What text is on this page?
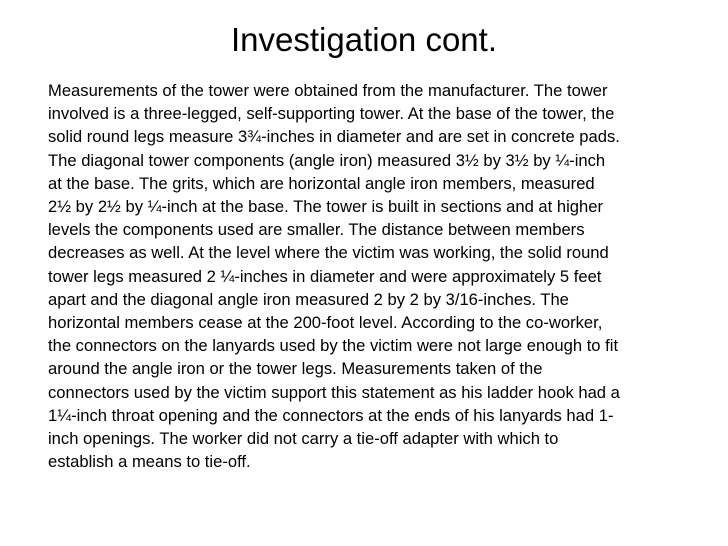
Investigation cont.
Measurements of the tower were obtained from the manufacturer. The tower
involved is a three-legged, self-supporting tower. At the base of the tower, the
solid round legs measure 3¾-inches in diameter and are set in concrete pads.
The diagonal tower components (angle iron) measured 3½ by 3½ by ¼-inch
at the base. The grits, which are horizontal angle iron members, measured
2½ by 2½ by ¼-inch at the base. The tower is built in sections and at higher
levels the components used are smaller. The distance between members
decreases as well. At the level where the victim was working, the solid round
tower legs measured 2 ¼-inches in diameter and were approximately 5 feet
apart and the diagonal angle iron measured 2 by 2 by 3/16-inches. The
horizontal members cease at the 200-foot level. According to the co-worker,
the connectors on the lanyards used by the victim were not large enough to fit
around the angle iron or the tower legs. Measurements taken of the
connectors used by the victim support this statement as his ladder hook had a
1¼-inch throat opening and the connectors at the ends of his lanyards had 1-
inch openings. The worker did not carry a tie-off adapter with which to
establish a means to tie-off.
